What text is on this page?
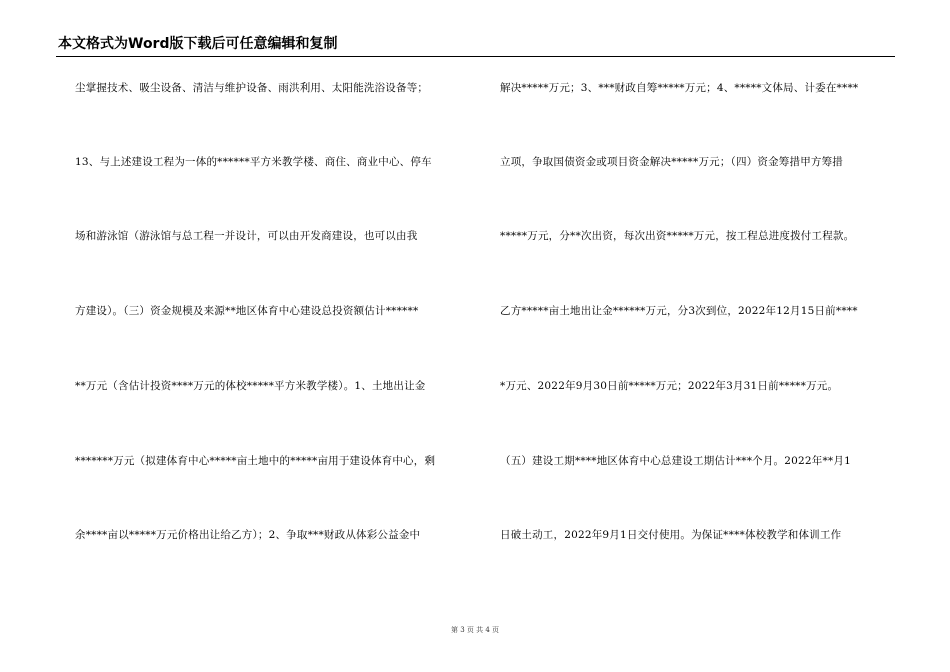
本文格式为Word版下载后可任意编辑和复制
尘掌握技术、吸尘设备、清洁与维护设备、雨洪利用、太阳能洗浴设备等；
13、与上述建设工程为一体的******平方米教学楼、商住、商业中心、停车
场和游泳馆（游泳馆与总工程一并设计，可以由开发商建设，也可以由我
方建设）。（三）资金规模及来源**地区体育中心建设总投资额估计******
**万元（含估计投资****万元的体校*****平方米教学楼）。1、土地出让金
*******万元（拟建体育中心*****亩土地中的*****亩用于建设体育中心，剩
余****亩以*****万元价格出让给乙方）；2、争取***财政从体彩公益金中
解决*****万元；3、***财政自筹*****万元；4、*****文体局、计委在****
立项，争取国债资金或项目资金解决*****万元；（四）资金筹措甲方筹措
*****万元，分**次出资，每次出资*****万元，按工程总进度拨付工程款。
乙方*****亩土地出让金******万元，分3次到位，2022年12月15日前****
*万元、2022年9月30日前*****万元；2022年3月31日前*****万元。
（五）建设工期****地区体育中心总建设工期估计***个月。2022年**月1
日破土动工，2022年9月1日交付使用。为保证****体校教学和体训工作
第 3 页 共 4 页
